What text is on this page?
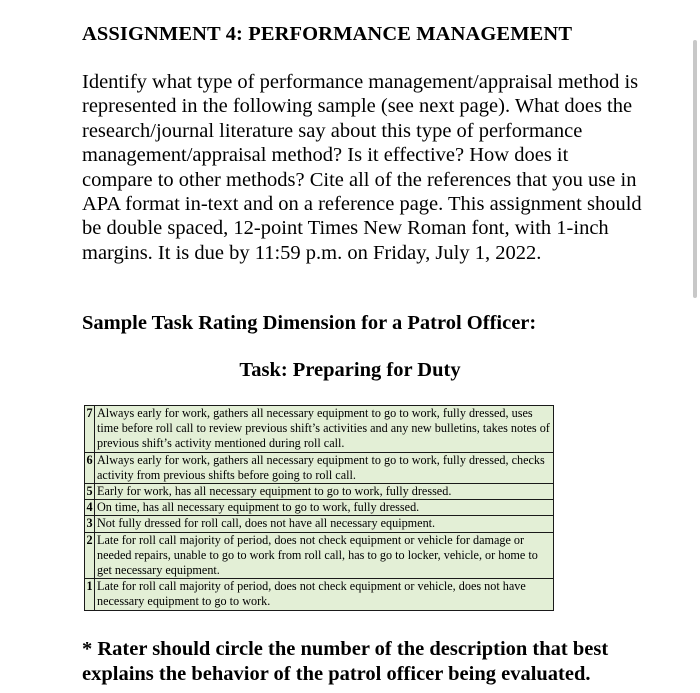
ASSIGNMENT 4: PERFORMANCE MANAGEMENT

Identify what type of performance management/appraisal method is represented in the following sample (see next page). What does the research/journal literature say about this type of performance management/appraisal method? Is it effective? How does it compare to other methods? Cite all of the references that you use in APA format in-text and on a reference page. This assignment should be double spaced, 12-point Times New Roman font, with 1-inch margins. It is due by 11:59 p.m. on Friday, July 1, 2022.

Sample Task Rating Dimension for a Patrol Officer:
Task: Preparing for Duty
7	Always early for work, gathers all necessary equipment to go to work, fully dressed, uses time before roll call to review previous shift’s activities and any new bulletins, takes notes of previous shift’s activity mentioned during roll call.
6	Always early for work, gathers all necessary equipment to go to work, fully dressed, checks activity from previous shifts before going to roll call.
5	Early for work, has all necessary equipment to go to work, fully dressed.
4	On time, has all necessary equipment to go to work, fully dressed.
3	Not fully dressed for roll call, does not have all necessary equipment.
2	Late for roll call majority of period, does not check equipment or vehicle for damage or needed repairs, unable to go to work from roll call, has to go to locker, vehicle, or home to get necessary equipment.
1	Late for roll call majority of period, does not check equipment or vehicle, does not have necessary equipment to go to work.

* Rater should circle the number of the description that best explains the behavior of the patrol officer being evaluated.
